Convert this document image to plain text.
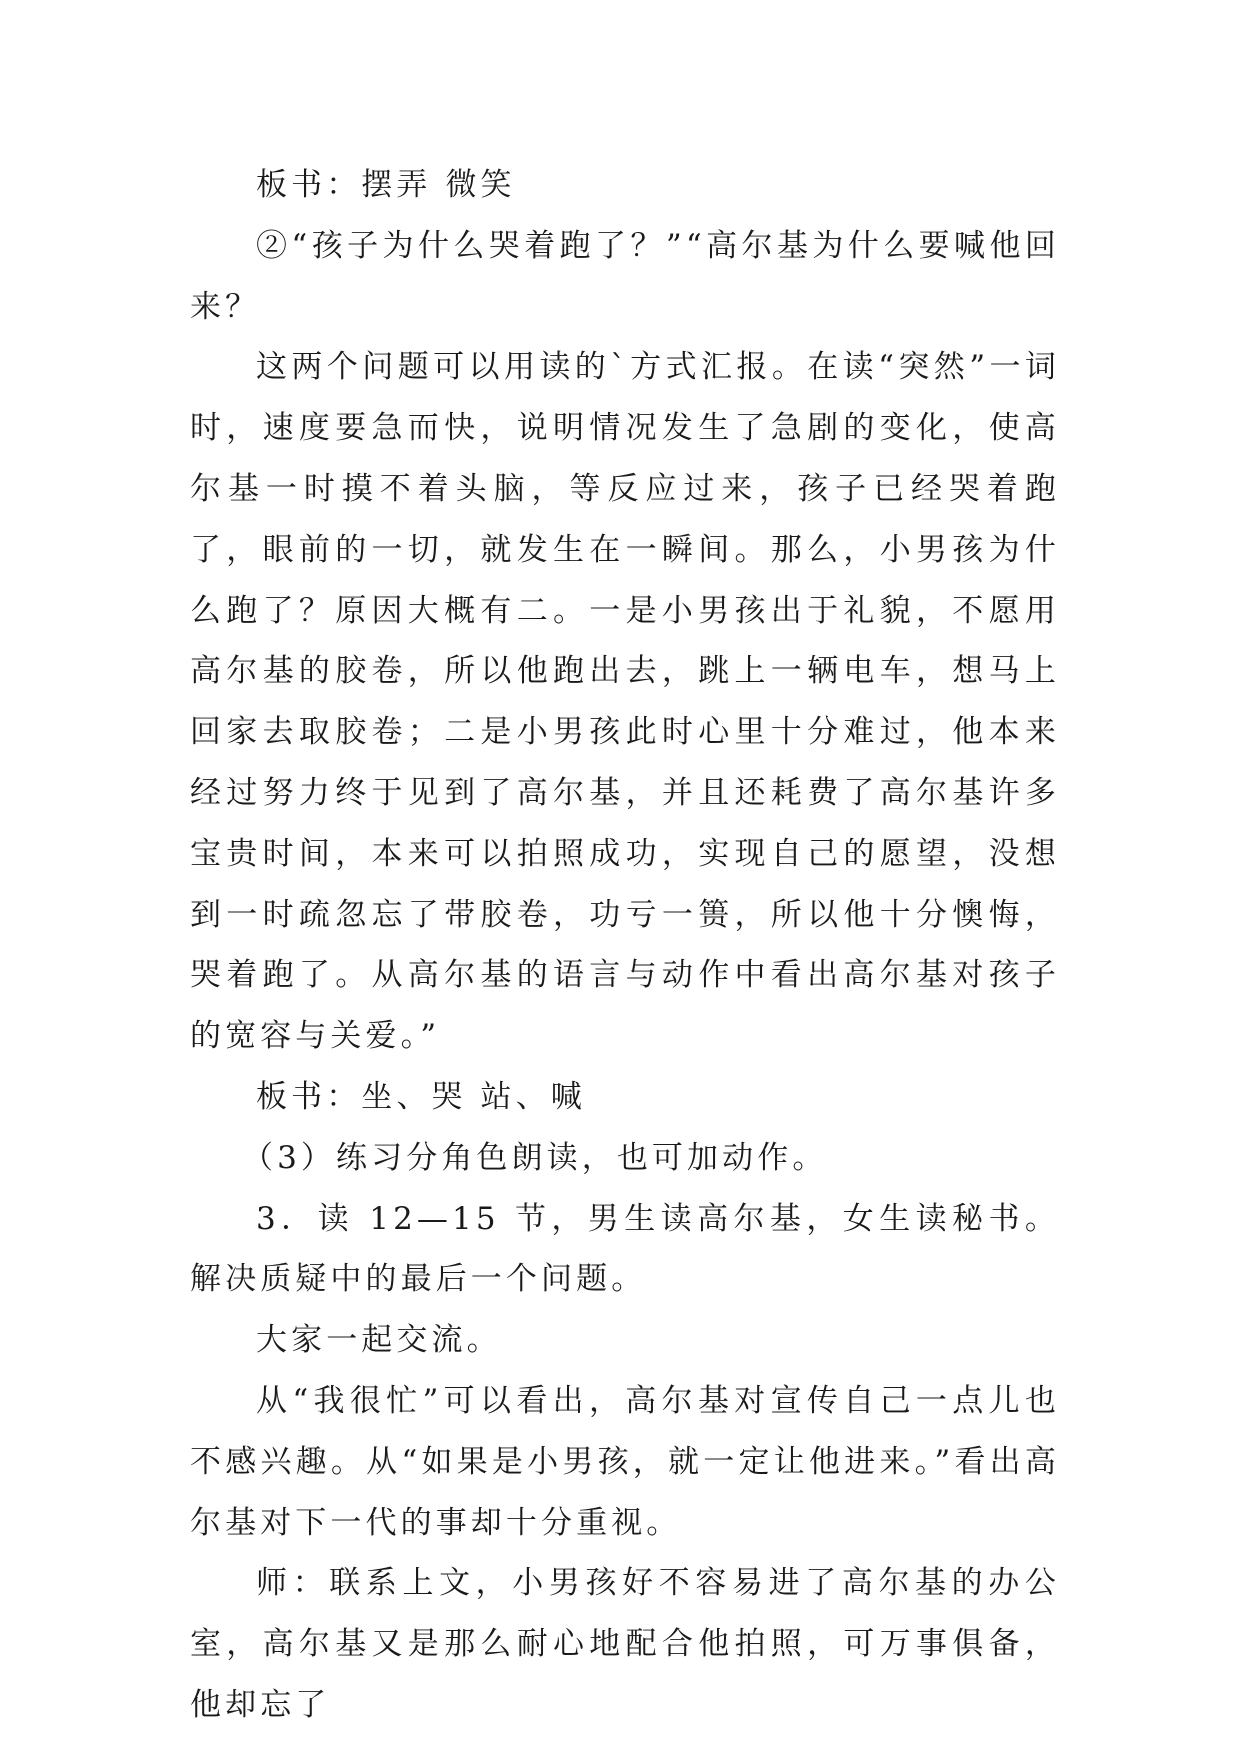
板书：摆弄 微笑

②“孩子为什么哭着跑了？”“高尔基为什么要喊他回来？

这两个问题可以用读的`方式汇报。在读“突然”一词时，速度要急而快，说明情况发生了急剧的变化，使高尔基一时摸不着头脑，等反应过来，孩子已经哭着跑了，眼前的一切，就发生在一瞬间。那么，小男孩为什么跑了？原因大概有二。一是小男孩出于礼貌，不愿用高尔基的胶卷，所以他跑出去，跳上一辆电车，想马上回家去取胶卷；二是小男孩此时心里十分难过，他本来经过努力终于见到了高尔基，并且还耗费了高尔基许多宝贵时间，本来可以拍照成功，实现自己的愿望，没想到一时疏忽忘了带胶卷，功亏一篑，所以他十分懊悔，哭着跑了。从高尔基的语言与动作中看出高尔基对孩子的宽容与关爱。”

板书：坐、哭 站、喊

（3）练习分角色朗读，也可加动作。

3．读 12—15 节，男生读高尔基，女生读秘书。解决质疑中的最后一个问题。

大家一起交流。

从“我很忙”可以看出，高尔基对宣传自己一点儿也不感兴趣。从“如果是小男孩，就一定让他进来。”看出高尔基对下一代的事却十分重视。

师：联系上文，小男孩好不容易进了高尔基的办公室，高尔基又是那么耐心地配合他拍照，可万事俱备，他却忘了
